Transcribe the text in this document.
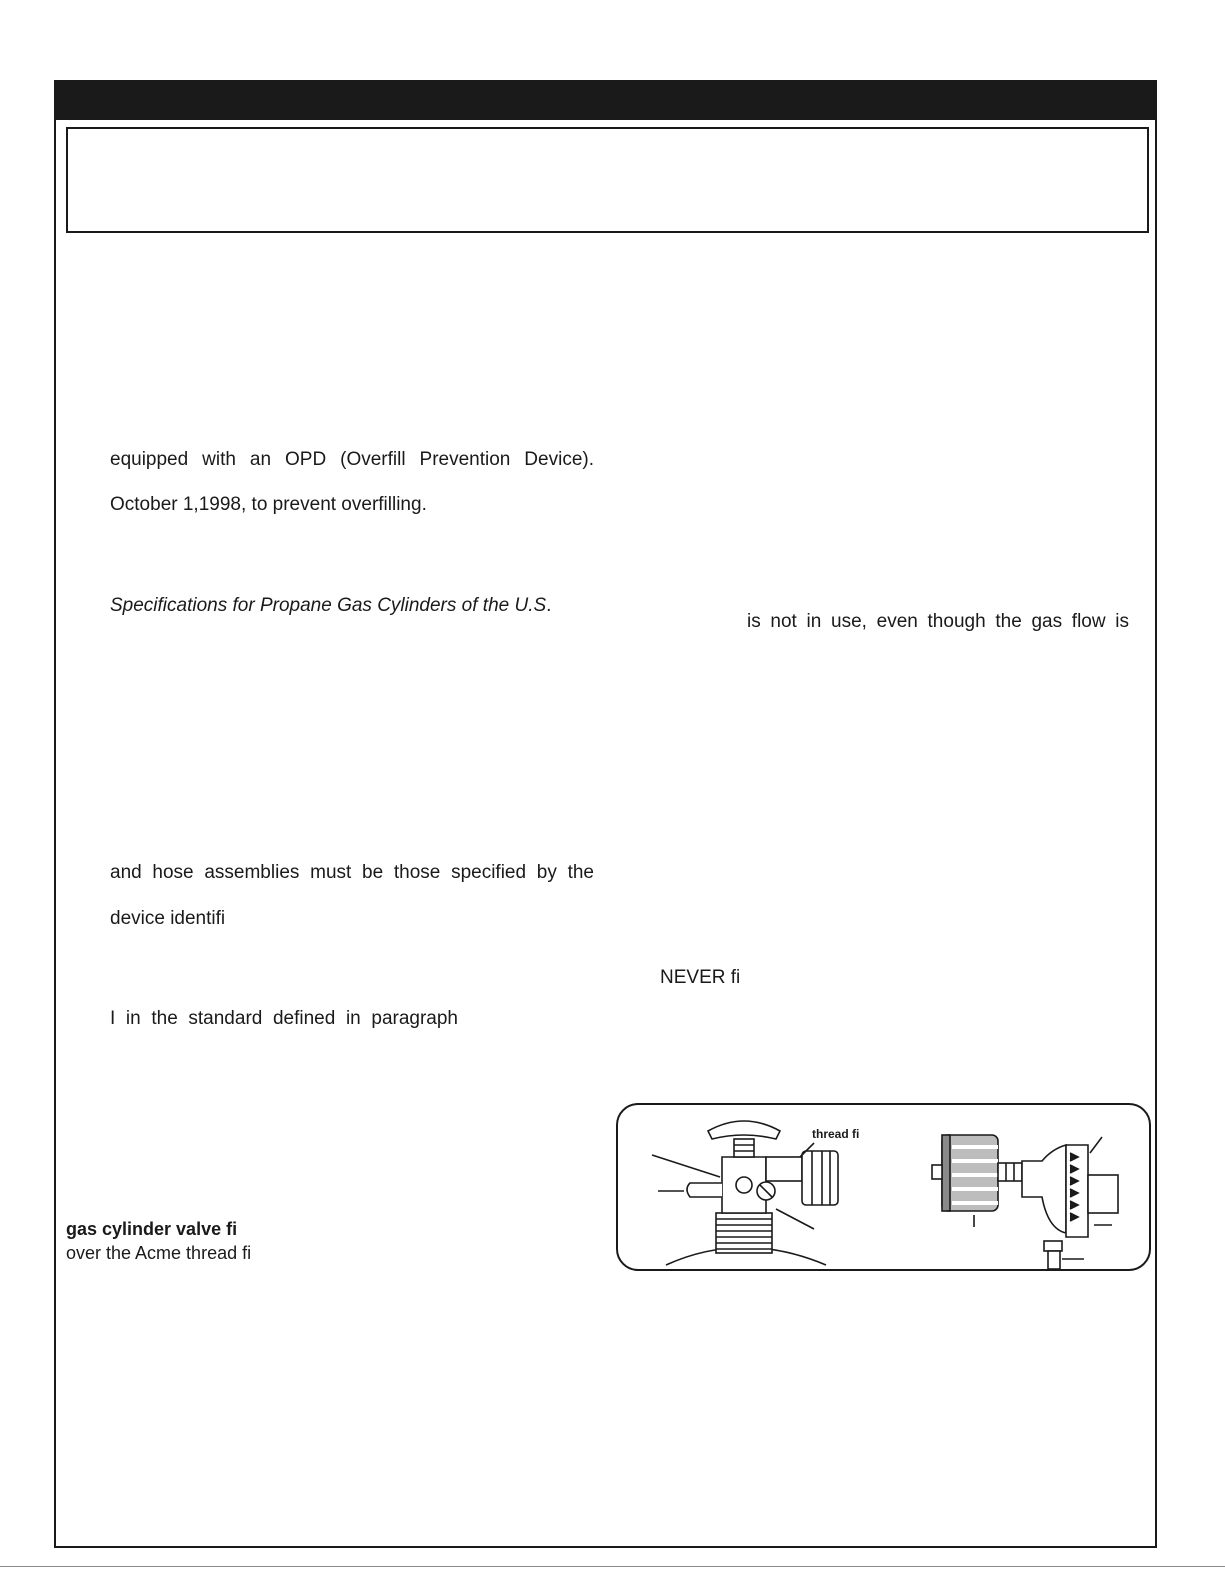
equipped with an OPD (Overfill Prevention Device).
October 1,1998, to prevent overfilling.
Specifications for Propane Gas Cylinders of the U.S.
and hose assemblies must be those specified by the
device identifi
I in the standard defined in paragraph
gas cylinder valve fi
over the Acme thread fi
is not in use, even though the gas flow is
NEVER fi
thread fi
